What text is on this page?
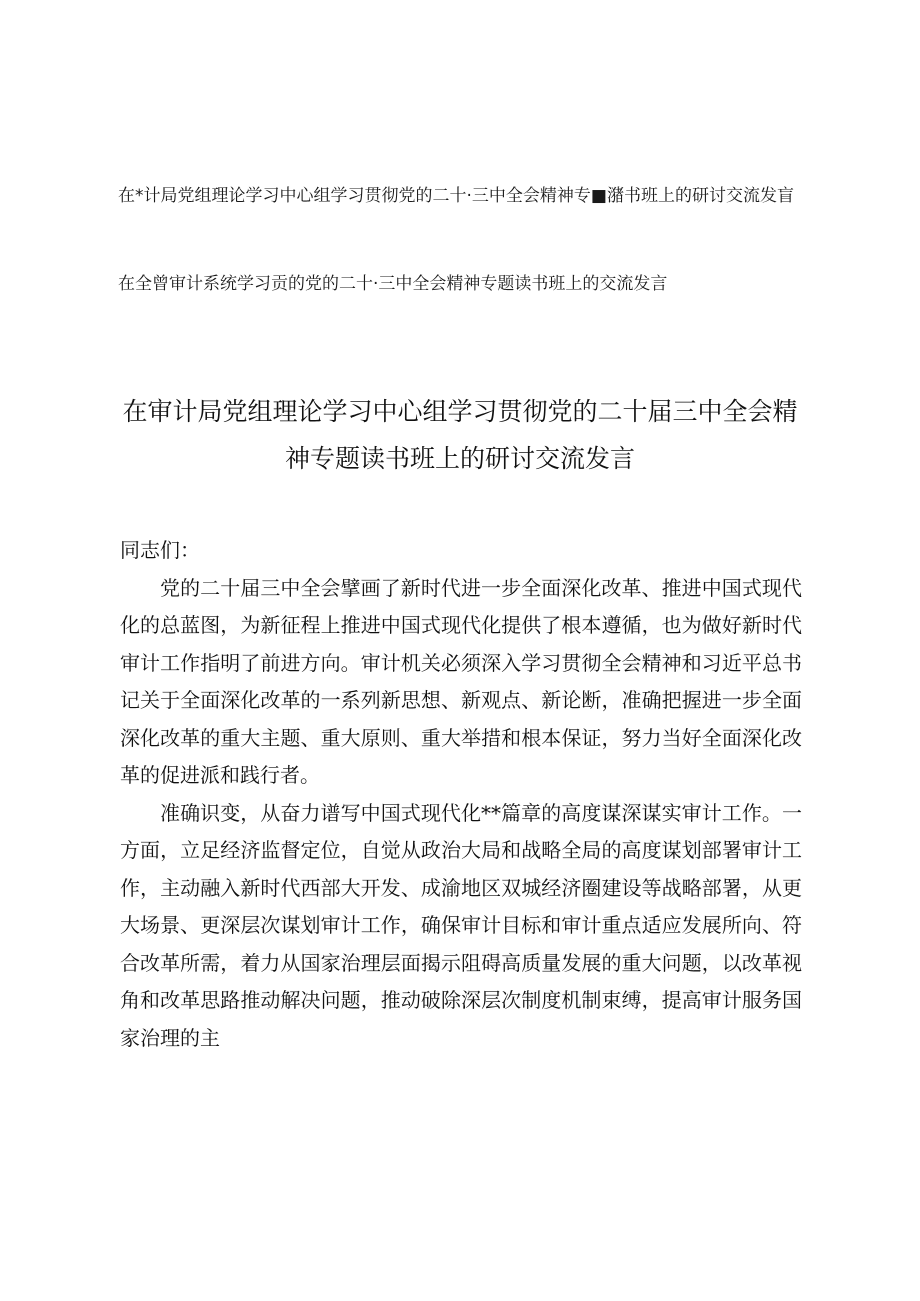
在*计局党组理论学习中心组学习贯彻党的二十·三中全会精神专■潴书班上的研讨交流发盲
在全曾审计系统学习贡的党的二十·三中全会精神专题读书班上的交流发言
在审计局党组理论学习中心组学习贯彻党的二十届三中全会精神专题读书班上的研讨交流发言

同志们：

党的二十届三中全会擘画了新时代进一步全面深化改革、推进中国式现代化的总蓝图，为新征程上推进中国式现代化提供了根本遵循，也为做好新时代审计工作指明了前进方向。审计机关必须深入学习贯彻全会精神和习近平总书记关于全面深化改革的一系列新思想、新观点、新论断，准确把握进一步全面深化改革的重大主题、重大原则、重大举措和根本保证，努力当好全面深化改革的促进派和践行者。

准确识变，从奋力谱写中国式现代化**篇章的高度谋深谋实审计工作。一方面，立足经济监督定位，自觉从政治大局和战略全局的高度谋划部署审计工作，主动融入新时代西部大开发、成渝地区双城经济圈建设等战略部署，从更大场景、更深层次谋划审计工作，确保审计目标和审计重点适应发展所向、符合改革所需，着力从国家治理层面揭示阻碍高质量发展的重大问题，以改革视角和改革思路推动解决问题，推动破除深层次制度机制束缚，提高审计服务国家治理的主
